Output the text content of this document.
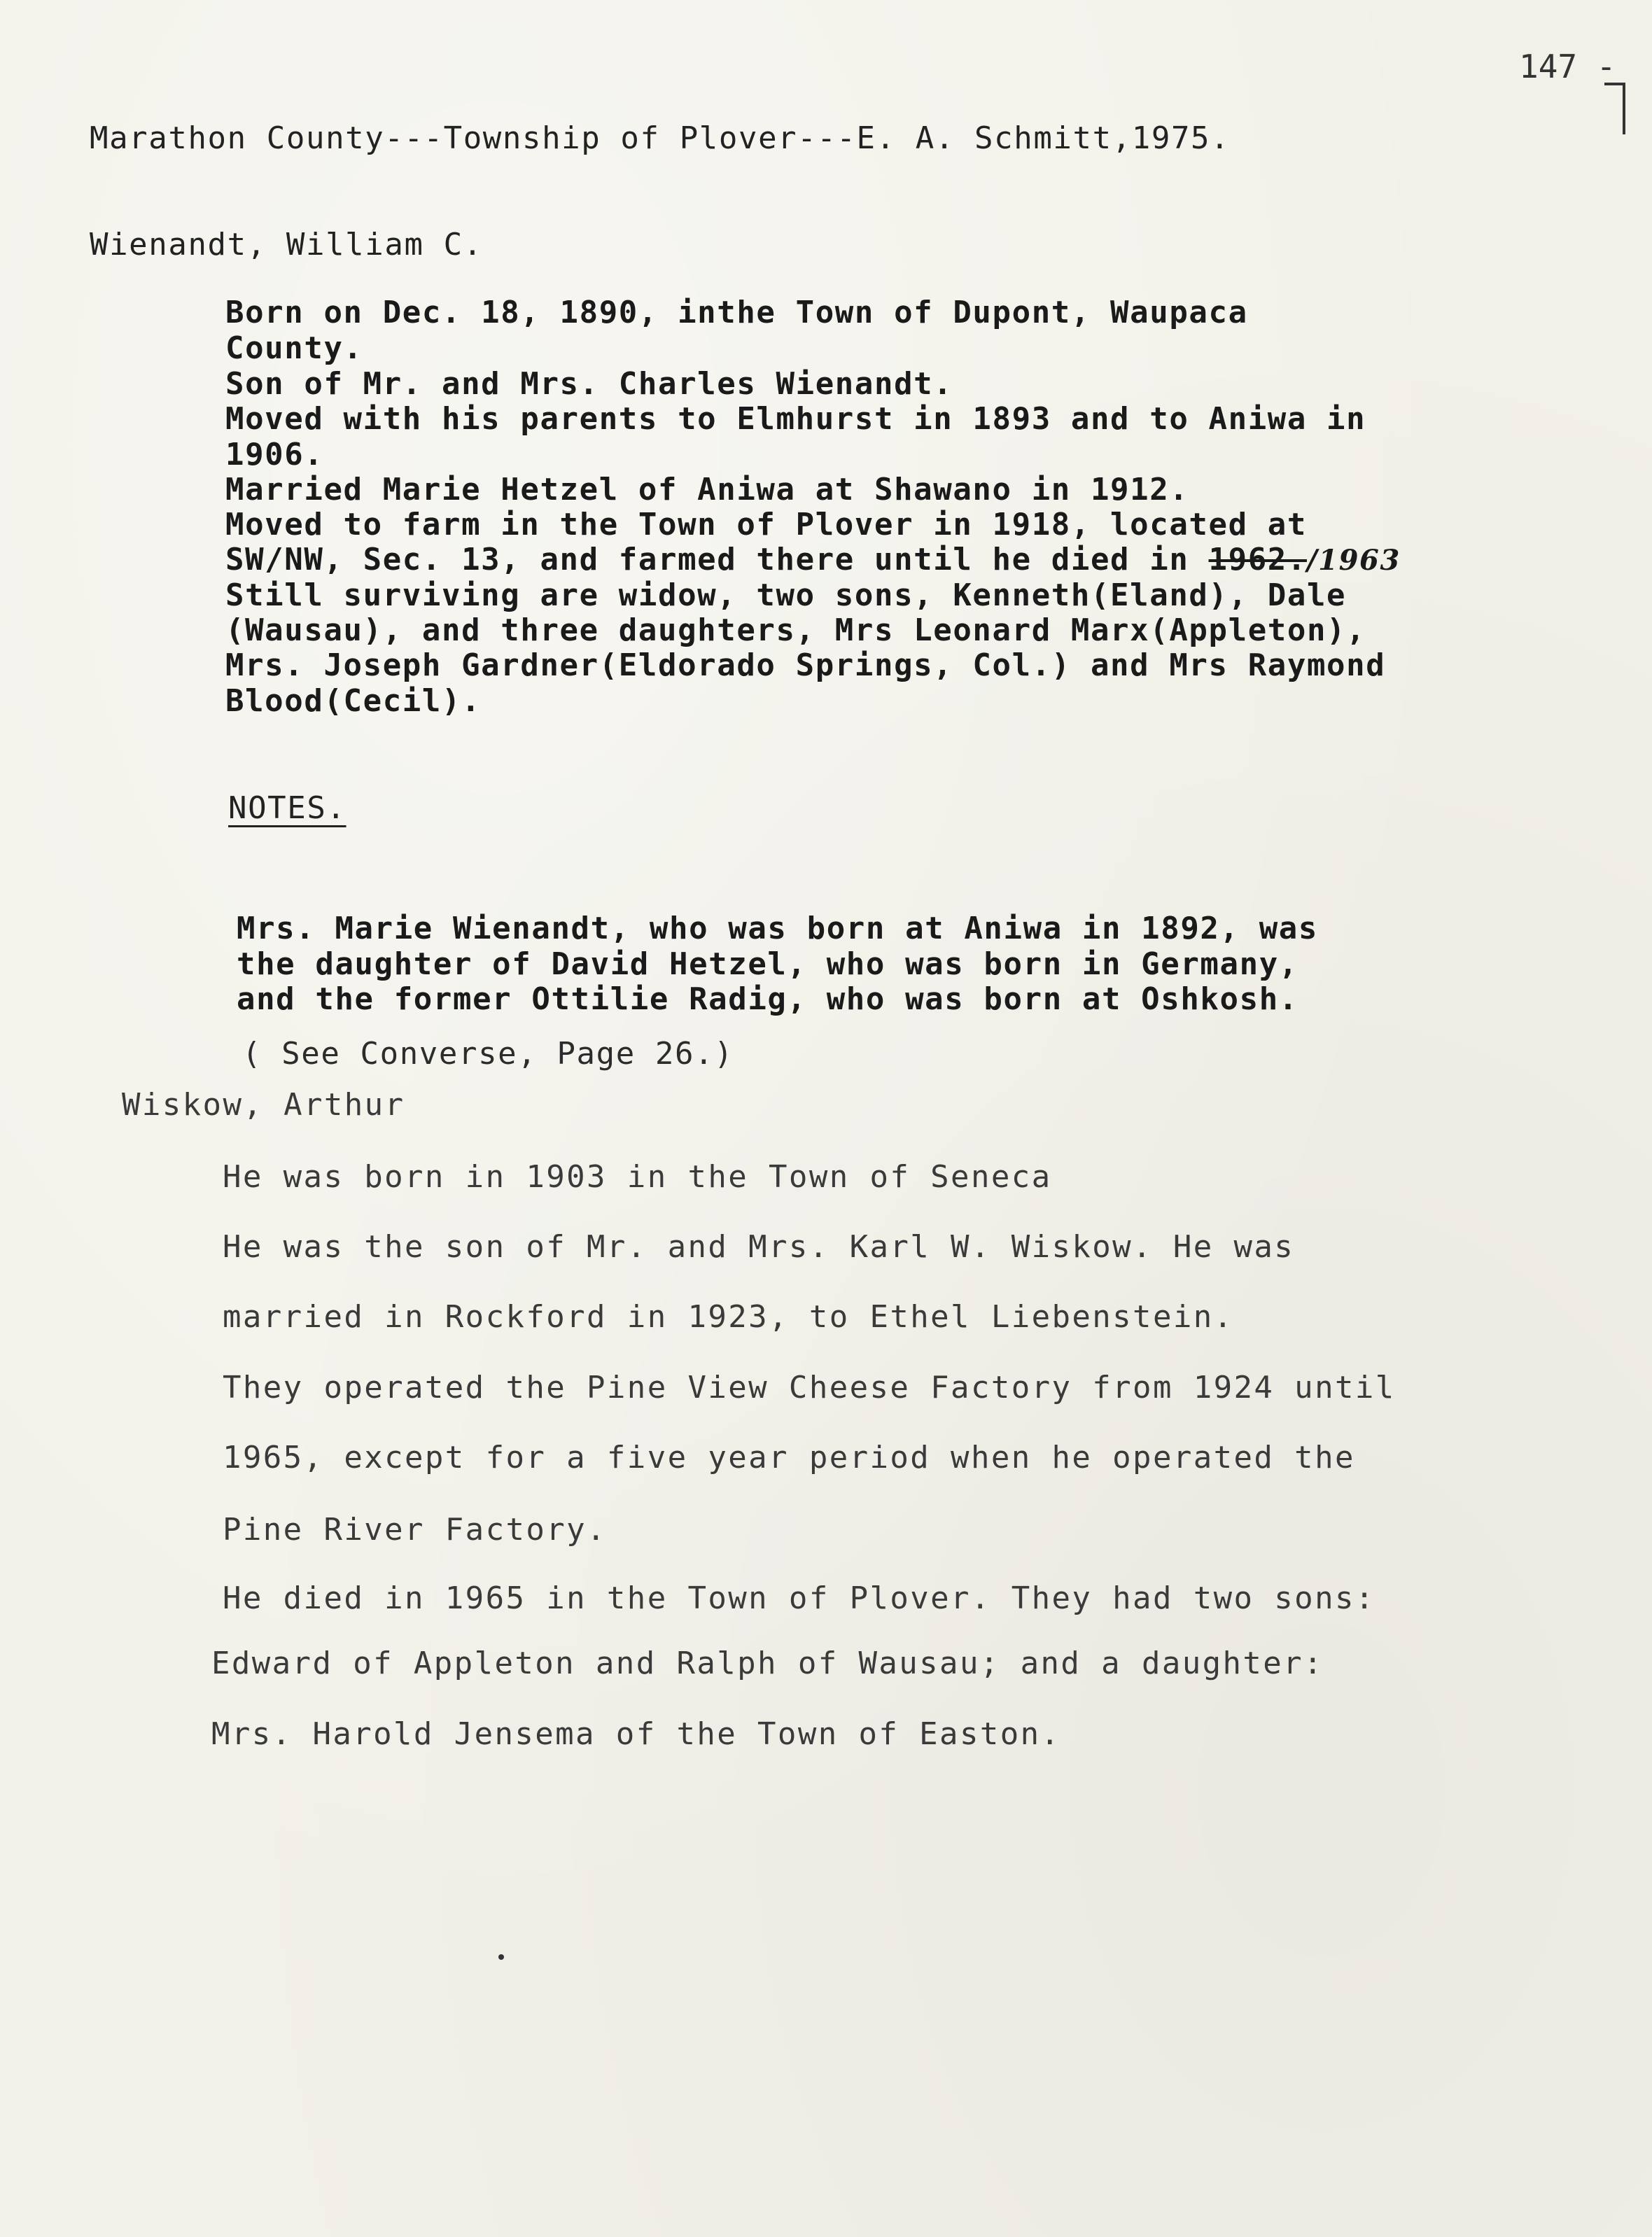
147 -
Marathon County---Township of Plover---E. A. Schmitt,1975.
Wienandt, William C.
Born on Dec. 18, 1890, inthe Town of Dupont, Waupaca
County.
Son of Mr. and Mrs. Charles Wienandt.
Moved with his parents to Elmhurst in 1893 and to Aniwa in
1906.
Married Marie Hetzel of Aniwa at Shawano in 1912.
Moved to farm in the Town of Plover in 1918, located at
SW/NW, Sec. 13, and farmed there until he died in 1962./1963
Still surviving are widow, two sons, Kenneth(Eland), Dale
(Wausau), and three daughters, Mrs Leonard Marx(Appleton),
Mrs. Joseph Gardner(Eldorado Springs, Col.) and Mrs Raymond
Blood(Cecil).
NOTES.
Mrs. Marie Wienandt, who was born at Aniwa in 1892, was
the daughter of David Hetzel, who was born in Germany,
and the former Ottilie Radig, who was born at Oshkosh.
( See Converse, Page 26.)
Wiskow, Arthur
He was born in 1903 in the Town of Seneca
He was the son of Mr. and Mrs. Karl W. Wiskow. He was
married in Rockford in 1923, to Ethel Liebenstein.
They operated the Pine View Cheese Factory from 1924 until
1965, except for a five year period when he operated the
Pine River Factory.
He died in 1965 in the Town of Plover. They had two sons:
Edward of Appleton and Ralph of Wausau; and a daughter:
Mrs. Harold Jensema of the Town of Easton.
